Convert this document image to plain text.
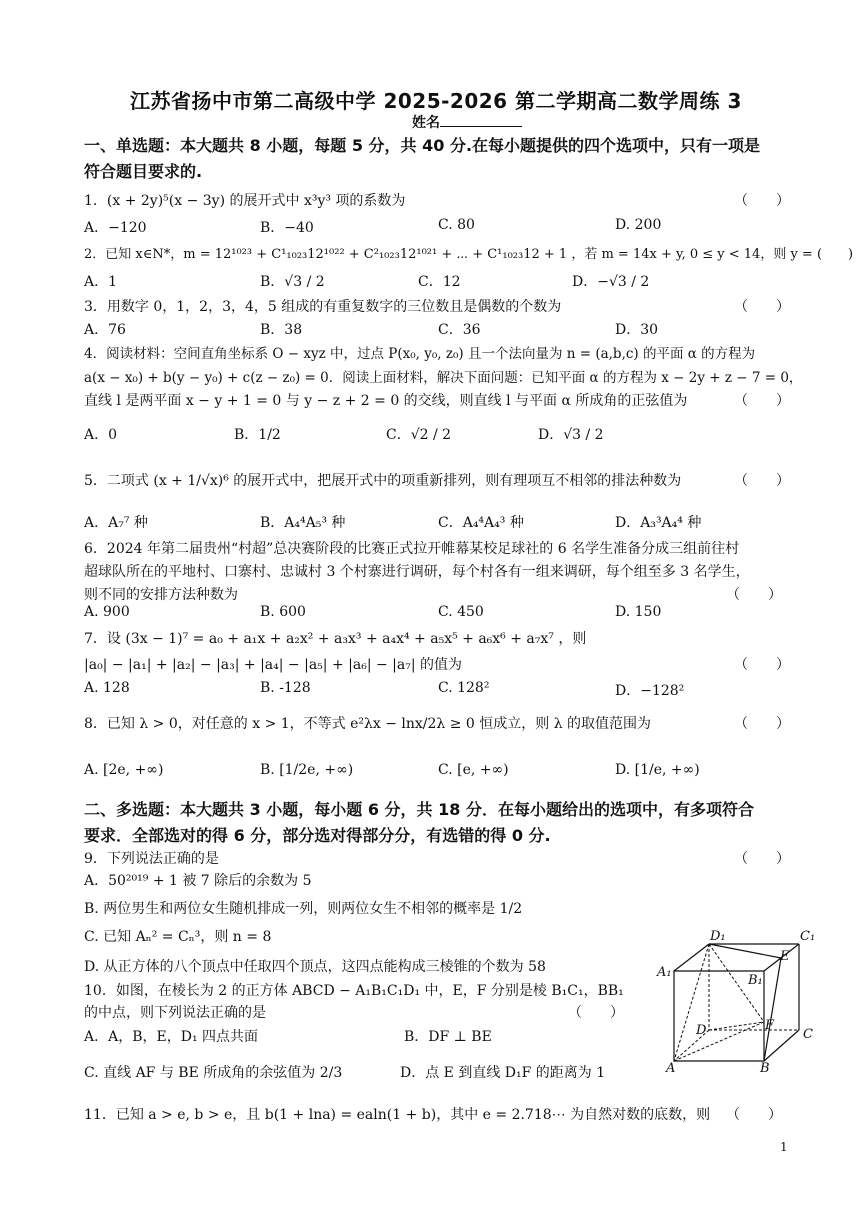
江苏省扬中市第二高级中学 2025-2026 第二学期高二数学周练 3
姓名
一、单选题：本大题共 8 小题，每题 5 分，共 40 分.在每小题提供的四个选项中，只有一项是
符合题目要求的.
1．(x + 2y)⁵(x − 3y) 的展开式中 x³y³ 项的系数为	（　　）
A．−120	B．−40	C. 80	D. 200
2．已知 x∈N*，m = 12¹⁰²³ + C¹₁₀₂₃12¹⁰²² + C²₁₀₂₃12¹⁰²¹ + ⋯ + C¹₁₀₂₃12 + 1 ，若 m = 14x + y, 0 ≤ y < 14，则 y = (　　)
A．1	B．√3 / 2	C．12	D．−√3 / 2
3．用数字 0，1，2，3，4，5 组成的有重复数字的三位数且是偶数的个数为	（　　）
A．76	B．38	C．36	D．30
4．阅读材料：空间直角坐标系 O − xyz 中，过点 P(x₀, y₀, z₀) 且一个法向量为 n = (a,b,c) 的平面 α 的方程为
a(x − x₀) + b(y − y₀) + c(z − z₀) = 0．阅读上面材料，解决下面问题：已知平面 α 的方程为 x − 2y + z − 7 = 0，
直线 l 是两平面 x − y + 1 = 0 与 y − z + 2 = 0 的交线，则直线 l 与平面 α 所成角的正弦值为	（　　）
A．0	B．1/2	C．√2 / 2	D．√3 / 2
5．二项式 (x + 1/√x)⁶ 的展开式中，把展开式中的项重新排列，则有理项互不相邻的排法种数为	（　　）
A．A₇⁷ 种	B．A₄⁴A₅³ 种	C．A₄⁴A₄³ 种	D．A₃³A₄⁴ 种
6．2024 年第二届贵州“村超”总决赛阶段的比赛正式拉开帷幕某校足球社的 6 名学生准备分成三组前往村
超球队所在的平地村、口寨村、忠诚村 3 个村寨进行调研，每个村各有一组来调研，每个组至多 3 名学生，
则不同的安排方法种数为	（　　）
A. 900	B. 600	C. 450	D. 150
7．设 (3x − 1)⁷ = a₀ + a₁x + a₂x² + a₃x³ + a₄x⁴ + a₅x⁵ + a₆x⁶ + a₇x⁷ ，则
|a₀| − |a₁| + |a₂| − |a₃| + |a₄| − |a₅| + |a₆| − |a₇| 的值为	（　　）
A. 128	B. -128	C. 128²	D．−128²
8．已知 λ > 0，对任意的 x > 1，不等式 e²λx − lnx/2λ ≥ 0 恒成立，则 λ 的取值范围为	（　　）
A. [2e, +∞)	B. [1/2e, +∞)	C. [e, +∞)	D. [1/e, +∞)
二、多选题：本大题共 3 小题，每小题 6 分，共 18 分．在每小题给出的选项中，有多项符合
要求．全部选对的得 6 分，部分选对得部分分，有选错的得 0 分.
9．下列说法正确的是	（　　）
A．50²⁰¹⁹ + 1 被 7 除后的余数为 5
B. 两位男生和两位女生随机排成一列，则两位女生不相邻的概率是 1/2
C. 已知 Aₙ² = Cₙ³，则 n = 8
D. 从正方体的八个顶点中任取四个顶点，这四点能构成三棱锥的个数为 58
10．如图，在棱长为 2 的正方体 ABCD − A₁B₁C₁D₁ 中，E，F 分别是棱 B₁C₁，BB₁
的中点，则下列说法正确的是	（　　）
A．A，B，E，D₁ 四点共面	B．DF ⊥ BE
C. 直线 AF 与 BE 所成角的余弦值为 2/3	D．点 E 到直线 D₁F 的距离为 1
D₁	C₁
A₁
B₁
E
F
D	C
A	B
11．已知 a > e, b > e，且 b(1 + lna) = ealn(1 + b)，其中 e = 2.718⋯ 为自然对数的底数，则 （　　）
1
